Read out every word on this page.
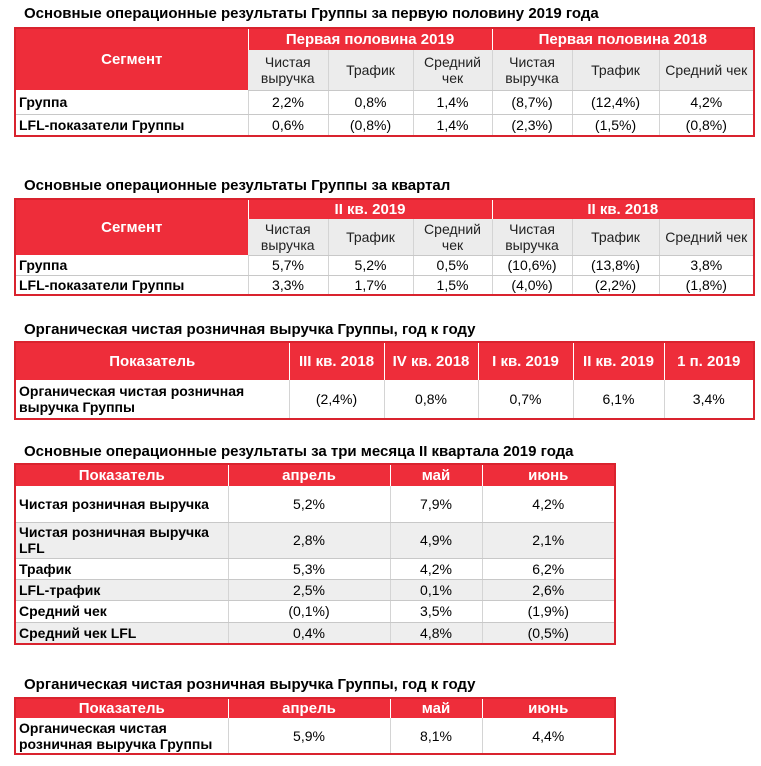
Основные операционные результаты Группы за первую половину 2019 года
Сегмент	Первая половина 2019			Первая половина 2018		
	Чистая выручка	Трафик	Средний чек	Чистая выручка	Трафик	Средний чек
Группа	2,2%	0,8%	1,4%	(8,7%)	(12,4%)	4,2%
LFL-показатели Группы	0,6%	(0,8%)	1,4%	(2,3%)	(1,5%)	(0,8%)
Основные операционные результаты Группы за квартал
Сегмент	II кв. 2019			II кв. 2018		
	Чистая выручка	Трафик	Средний чек	Чистая выручка	Трафик	Средний чек
Группа	5,7%	5,2%	0,5%	(10,6%)	(13,8%)	3,8%
LFL-показатели Группы	3,3%	1,7%	1,5%	(4,0%)	(2,2%)	(1,8%)
Органическая чистая розничная выручка Группы, год к году
Показатель	III кв. 2018	IV кв. 2018	I кв. 2019	II кв. 2019	1 п. 2019
Органическая чистая розничная выручка Группы	(2,4%)	0,8%	0,7%	6,1%	3,4%
Основные операционные результаты за три месяца II квартала 2019 года
Показатель	апрель	май	июнь
Чистая розничная выручка	5,2%	7,9%	4,2%
Чистая розничная выручка LFL	2,8%	4,9%	2,1%
Трафик	5,3%	4,2%	6,2%
LFL-трафик	2,5%	0,1%	2,6%
Средний чек	(0,1%)	3,5%	(1,9%)
Средний чек LFL	0,4%	4,8%	(0,5%)
Органическая чистая розничная выручка Группы, год к году
Показатель	апрель	май	июнь
Органическая чистая розничная выручка Группы	5,9%	8,1%	4,4%
